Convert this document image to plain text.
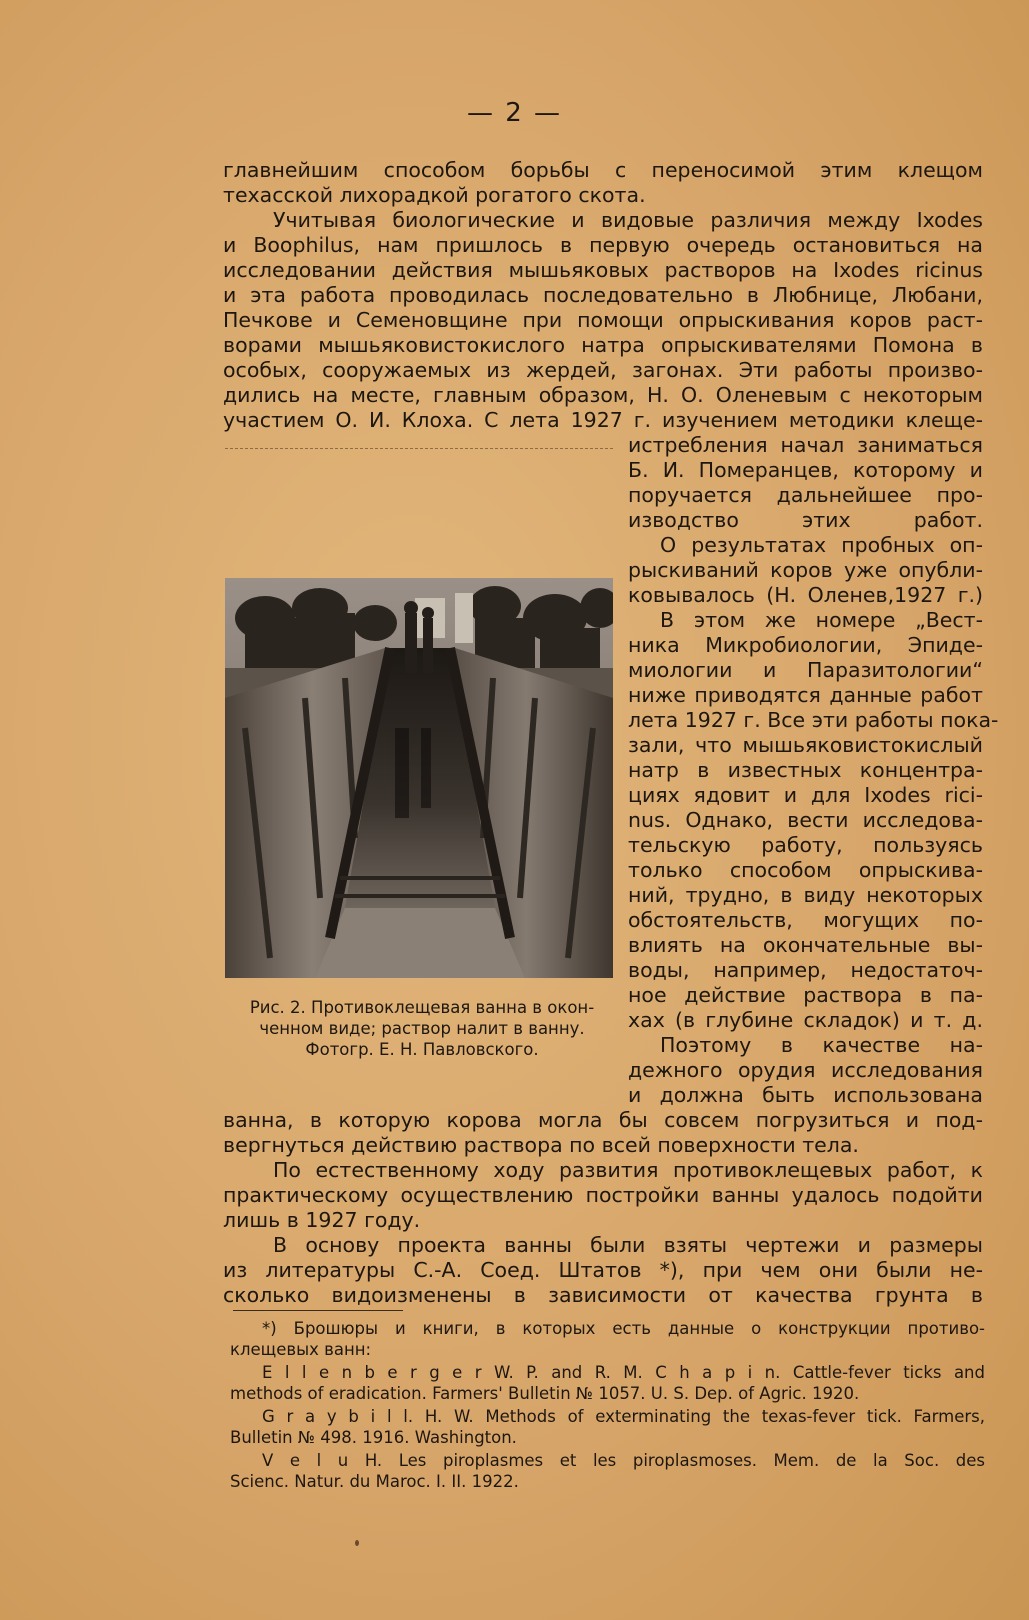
— 2 —
главнейшим способом борьбы с переносимой этим клещом
техасской лихорадкой рогатого скота.
Учитывая биологические и видовые различия между Ixodes
и Boophilus, нам пришлось в первую очередь остановиться на
исследовании действия мышьяковых растворов на Ixodes ricinus
и эта работа проводилась последовательно в Любнице, Любани,
Печкове и Семеновщине при помощи опрыскивания коров раст-
ворами мышьяковистокислого натра опрыскивателями Помона в
особых, сооружаемых из жердей, загонах. Эти работы произво-
дились на месте, главным образом, Н. О. Оленевым с некоторым
участием О. И. Клоха. С лета 1927 г. изучением методики клеще-
истребления начал заниматься
Б. И. Померанцев, которому и
поручается дальнейшее про-
изводство этих работ.
О результатах пробных оп-
рыскиваний коров уже опубли-
ковывалось (Н. Оленев,1927 г.)
В этом же номере „Вест-
ника Микробиологии, Эпиде-
миологии и Паразитологии“
ниже приводятся данные работ
лета 1927 г. Все эти работы пока-
зали, что мышьяковистокислый
натр в известных концентра-
циях ядовит и для Ixodes rici-
nus. Однако, вести исследова-
тельскую работу, пользуясь
только способом опрыскива-
ний, трудно, в виду некоторых
обстоятельств, могущих по-
влиять на окончательные вы-
воды, например, недостаточ-
ное действие раствора в па-
хах (в глубине складок) и т. д.
Поэтому в качестве на-
дежного орудия исследования
и должна быть использована
Рис. 2. Противоклещевая ванна в окон-
ченном виде; раствор налит в ванну.
Фотогр. Е. Н. Павловского.
ванна, в которую корова могла бы совсем погрузиться и под-
вергнуться действию раствора по всей поверхности тела.
По естественному ходу развития противоклещевых работ, к
практическому осуществлению постройки ванны удалось подойти
лишь в 1927 году.
В основу проекта ванны были взяты чертежи и размеры
из литературы С.-А. Соед. Штатов *), при чем они были не-
сколько видоизменены в зависимости от качества грунта в
*) Брошюры и книги, в которых есть данные о конструкции противо-
клещевых ванн:
E l l e n b e r g e r W. P. and R. M. C h a p i n. Cattle-fever ticks and
methods of eradication. Farmers' Bulletin № 1057. U. S. Dep. of Agric. 1920.
G r a y b i l l. H. W. Methods of exterminating the texas-fever tick. Farmers,
Bulletin № 498. 1916. Washington.
V e l u H. Les piroplasmes et les piroplasmoses. Mem. de la Soc. des
Scienc. Natur. du Maroc. I. II. 1922.
